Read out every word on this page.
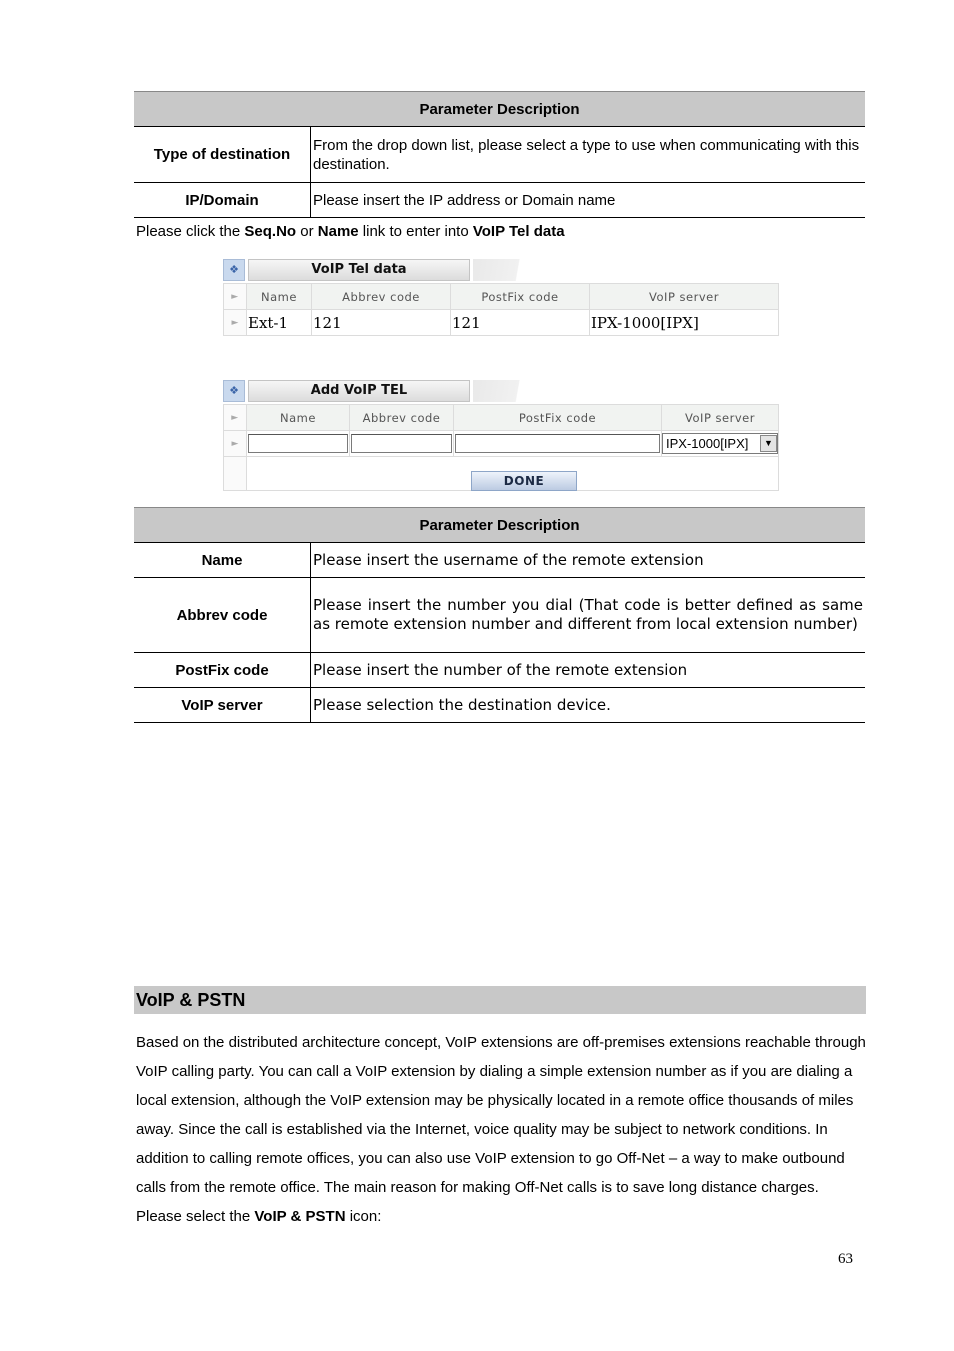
Parameter Description	
Type of destination	From the drop down list, please select a type to use when communicating with this destination.
IP/Domain	Please insert the IP address or Domain name
Please click the Seq.No or Name link to enter into VoIP Tel data
❖	VoIP Tel data
►	Name	Abbrev code	PostFix code	VoIP server
►	Ext-1	121	121	IPX-1000[IPX]
❖	Add VoIP TEL
►	Name	Abbrev code	PostFix code	VoIP server
►				IPX-1000[IPX] ▼

DONE
Parameter Description	
Name	Please insert the username of the remote extension
Abbrev code	Please insert the number you dial (That code is better defined as same as remote extension number and different from local extension number)
PostFix code	Please insert the number of the remote extension
VoIP server	Please selection the destination device.
VoIP & PSTN
Based on the distributed architecture concept, VoIP extensions are off-premises extensions reachable through VoIP calling party. You can call a VoIP extension by dialing a simple extension number as if you are dialing a local extension, although the VoIP extension may be physically located in a remote office thousands of miles away. Since the call is established via the Internet, voice quality may be subject to network conditions. In addition to calling remote offices, you can also use VoIP extension to go Off-Net – a way to make outbound calls from the remote office. The main reason for making Off-Net calls is to save long distance charges. Please select the VoIP & PSTN icon:
63
